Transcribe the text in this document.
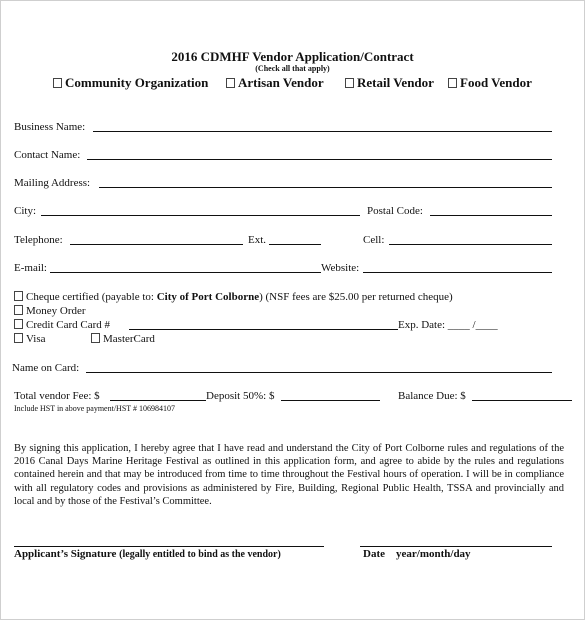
2016 CDMHF Vendor Application/Contract
(Check all that apply)
Community Organization	Artisan Vendor	Retail Vendor	Food Vendor
Business Name:
Contact Name:
Mailing Address:
City:	Postal Code:
Telephone:	Ext.	Cell:
E-mail:	Website:
Cheque certified (payable to: City of Port Colborne) (NSF fees are $25.00 per returned cheque)
Money Order
Credit Card Card #	Exp. Date: ____ /____
Visa	MasterCard
Name on Card:
Total vendor Fee: $	Deposit 50%: $	Balance Due: $
Include HST in above payment/HST # 106984107
By signing this application, I hereby agree that I have read and understand the City of Port Colborne rules and regulations of the 2016 Canal Days Marine Heritage Festival as outlined in this application form, and agree to abide by the rules and regulations contained herein and that may be introduced from time to time throughout the Festival hours of operation. I will be in compliance with all regulatory codes and provisions as administered by Fire, Building, Regional Public Health, TSSA and provincially and local and by those of the Festival’s Committee.
Applicant’s Signature (legally entitled to bind as the vendor)	Date year/month/day
